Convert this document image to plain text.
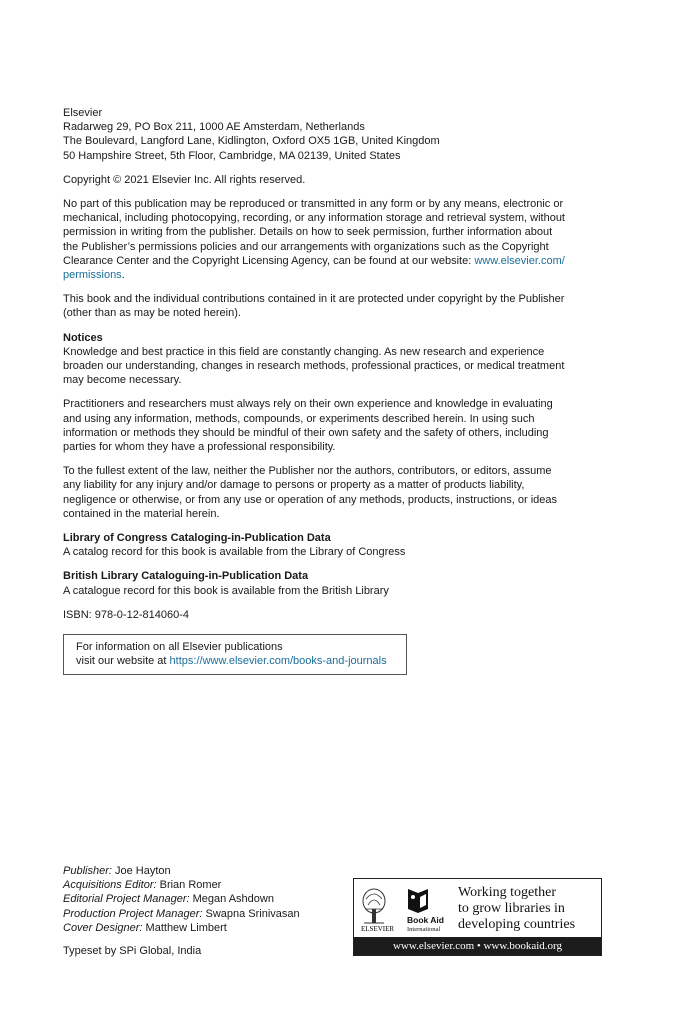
Elsevier
Radarweg 29, PO Box 211, 1000 AE Amsterdam, Netherlands
The Boulevard, Langford Lane, Kidlington, Oxford OX5 1GB, United Kingdom
50 Hampshire Street, 5th Floor, Cambridge, MA 02139, United States
Copyright © 2021 Elsevier Inc. All rights reserved.
No part of this publication may be reproduced or transmitted in any form or by any means, electronic or
mechanical, including photocopying, recording, or any information storage and retrieval system, without
permission in writing from the publisher. Details on how to seek permission, further information about
the Publisher’s permissions policies and our arrangements with organizations such as the Copyright
Clearance Center and the Copyright Licensing Agency, can be found at our website: www.elsevier.com/
permissions.
This book and the individual contributions contained in it are protected under copyright by the Publisher
(other than as may be noted herein).
Notices
Knowledge and best practice in this field are constantly changing. As new research and experience
broaden our understanding, changes in research methods, professional practices, or medical treatment
may become necessary.
Practitioners and researchers must always rely on their own experience and knowledge in evaluating
and using any information, methods, compounds, or experiments described herein. In using such
information or methods they should be mindful of their own safety and the safety of others, including
parties for whom they have a professional responsibility.
To the fullest extent of the law, neither the Publisher nor the authors, contributors, or editors, assume
any liability for any injury and/or damage to persons or property as a matter of products liability,
negligence or otherwise, or from any use or operation of any methods, products, instructions, or ideas
contained in the material herein.
Library of Congress Cataloging-in-Publication Data
A catalog record for this book is available from the Library of Congress
British Library Cataloguing-in-Publication Data
A catalogue record for this book is available from the British Library
ISBN: 978-0-12-814060-4
For information on all Elsevier publications
visit our website at https://www.elsevier.com/books-and-journals
Publisher: Joe Hayton
Acquisitions Editor: Brian Romer
Editorial Project Manager: Megan Ashdown
Production Project Manager: Swapna Srinivasan
Cover Designer: Matthew Limbert
Typeset by SPi Global, India
ELSEVIER
Book Aid
International
Working together
to grow libraries in
developing countries
www.elsevier.com • www.bookaid.org
